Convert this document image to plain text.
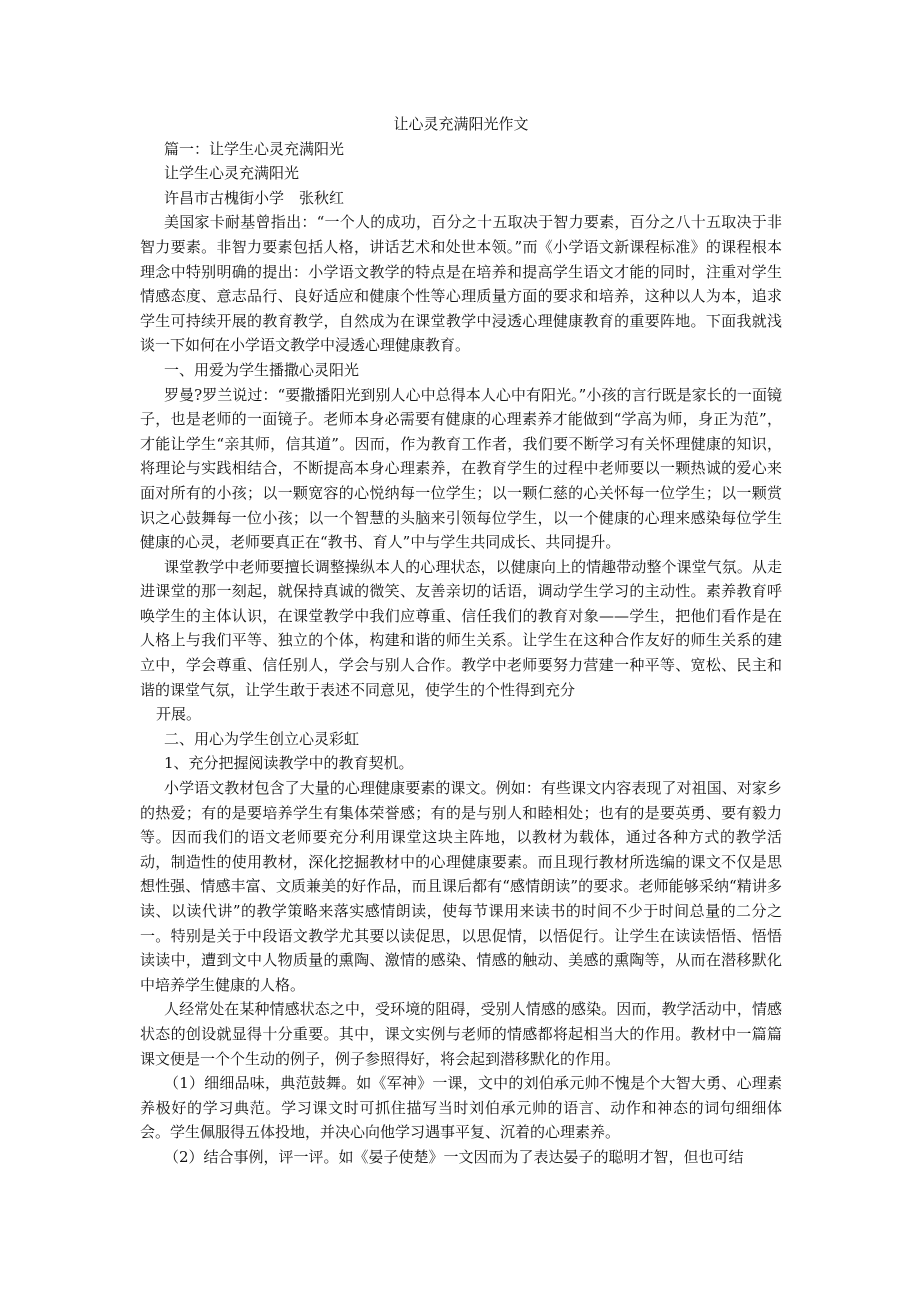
让心灵充满阳光作文

篇一：让学生心灵充满阳光

让学生心灵充满阳光

许昌市古槐街小学　张秋红

美国家卡耐基曾指出：“一个人的成功，百分之十五取决于智力要素，百分之八十五取决于非智力要素。非智力要素包括人格，讲话艺术和处世本领。”而《小学语文新课程标准》的课程根本理念中特别明确的提出：小学语文教学的特点是在培养和提高学生语文才能的同时，注重对学生情感态度、意志品行、良好适应和健康个性等心理质量方面的要求和培养，这种以人为本，追求学生可持续开展的教育教学，自然成为在课堂教学中浸透心理健康教育的重要阵地。下面我就浅谈一下如何在小学语文教学中浸透心理健康教育。

一、用爱为学生播撒心灵阳光

罗曼?罗兰说过：“要撒播阳光到别人心中总得本人心中有阳光。”小孩的言行既是家长的一面镜子，也是老师的一面镜子。老师本身必需要有健康的心理素养才能做到“学高为师，身正为范”，才能让学生“亲其师，信其道”。因而，作为教育工作者，我们要不断学习有关怀理健康的知识，将理论与实践相结合，不断提高本身心理素养，在教育学生的过程中老师要以一颗热诚的爱心来面对所有的小孩；以一颗宽容的心悦纳每一位学生；以一颗仁慈的心关怀每一位学生；以一颗赏识之心鼓舞每一位小孩；以一个智慧的头脑来引领每位学生，以一个健康的心理来感染每位学生健康的心灵，老师要真正在“教书、育人”中与学生共同成长、共同提升。

课堂教学中老师要擅长调整操纵本人的心理状态，以健康向上的情趣带动整个课堂气氛。从走进课堂的那一刻起，就保持真诚的微笑、友善亲切的话语，调动学生学习的主动性。素养教育呼唤学生的主体认识，在课堂教学中我们应尊重、信任我们的教育对象——学生，把他们看作是在人格上与我们平等、独立的个体，构建和谐的师生关系。让学生在这种合作友好的师生关系的建立中，学会尊重、信任别人，学会与别人合作。教学中老师要努力营建一种平等、宽松、民主和谐的课堂气氛，让学生敢于表述不同意见，使学生的个性得到充分

开展。

二、用心为学生创立心灵彩虹

1、充分把握阅读教学中的教育契机。

小学语文教材包含了大量的心理健康要素的课文。例如：有些课文内容表现了对祖国、对家乡的热爱；有的是要培养学生有集体荣誉感；有的是与别人和睦相处；也有的是要英勇、要有毅力等。因而我们的语文老师要充分利用课堂这块主阵地，以教材为载体，通过各种方式的教学活动，制造性的使用教材，深化挖掘教材中的心理健康要素。而且现行教材所选编的课文不仅是思想性强、情感丰富、文质兼美的好作品，而且课后都有“感情朗读”的要求。老师能够采纳“精讲多读、以读代讲”的教学策略来落实感情朗读，使每节课用来读书的时间不少于时间总量的二分之一。特别是关于中段语文教学尤其要以读促思，以思促情，以悟促行。让学生在读读悟悟、悟悟读读中，遭到文中人物质量的熏陶、激情的感染、情感的触动、美感的熏陶等，从而在潜移默化中培养学生健康的人格。

人经常处在某种情感状态之中，受环境的阻碍，受别人情感的感染。因而，教学活动中，情感状态的创设就显得十分重要。其中，课文实例与老师的情感都将起相当大的作用。教材中一篇篇课文便是一个个生动的例子，例子参照得好，将会起到潜移默化的作用。

（1）细细品味，典范鼓舞。如《军神》一课，文中的刘伯承元帅不愧是个大智大勇、心理素养极好的学习典范。学习课文时可抓住描写当时刘伯承元帅的语言、动作和神态的词句细细体会。学生佩服得五体投地，并决心向他学习遇事平复、沉着的心理素养。

（2）结合事例，评一评。如《晏子使楚》一文因而为了表达晏子的聪明才智，但也可结
